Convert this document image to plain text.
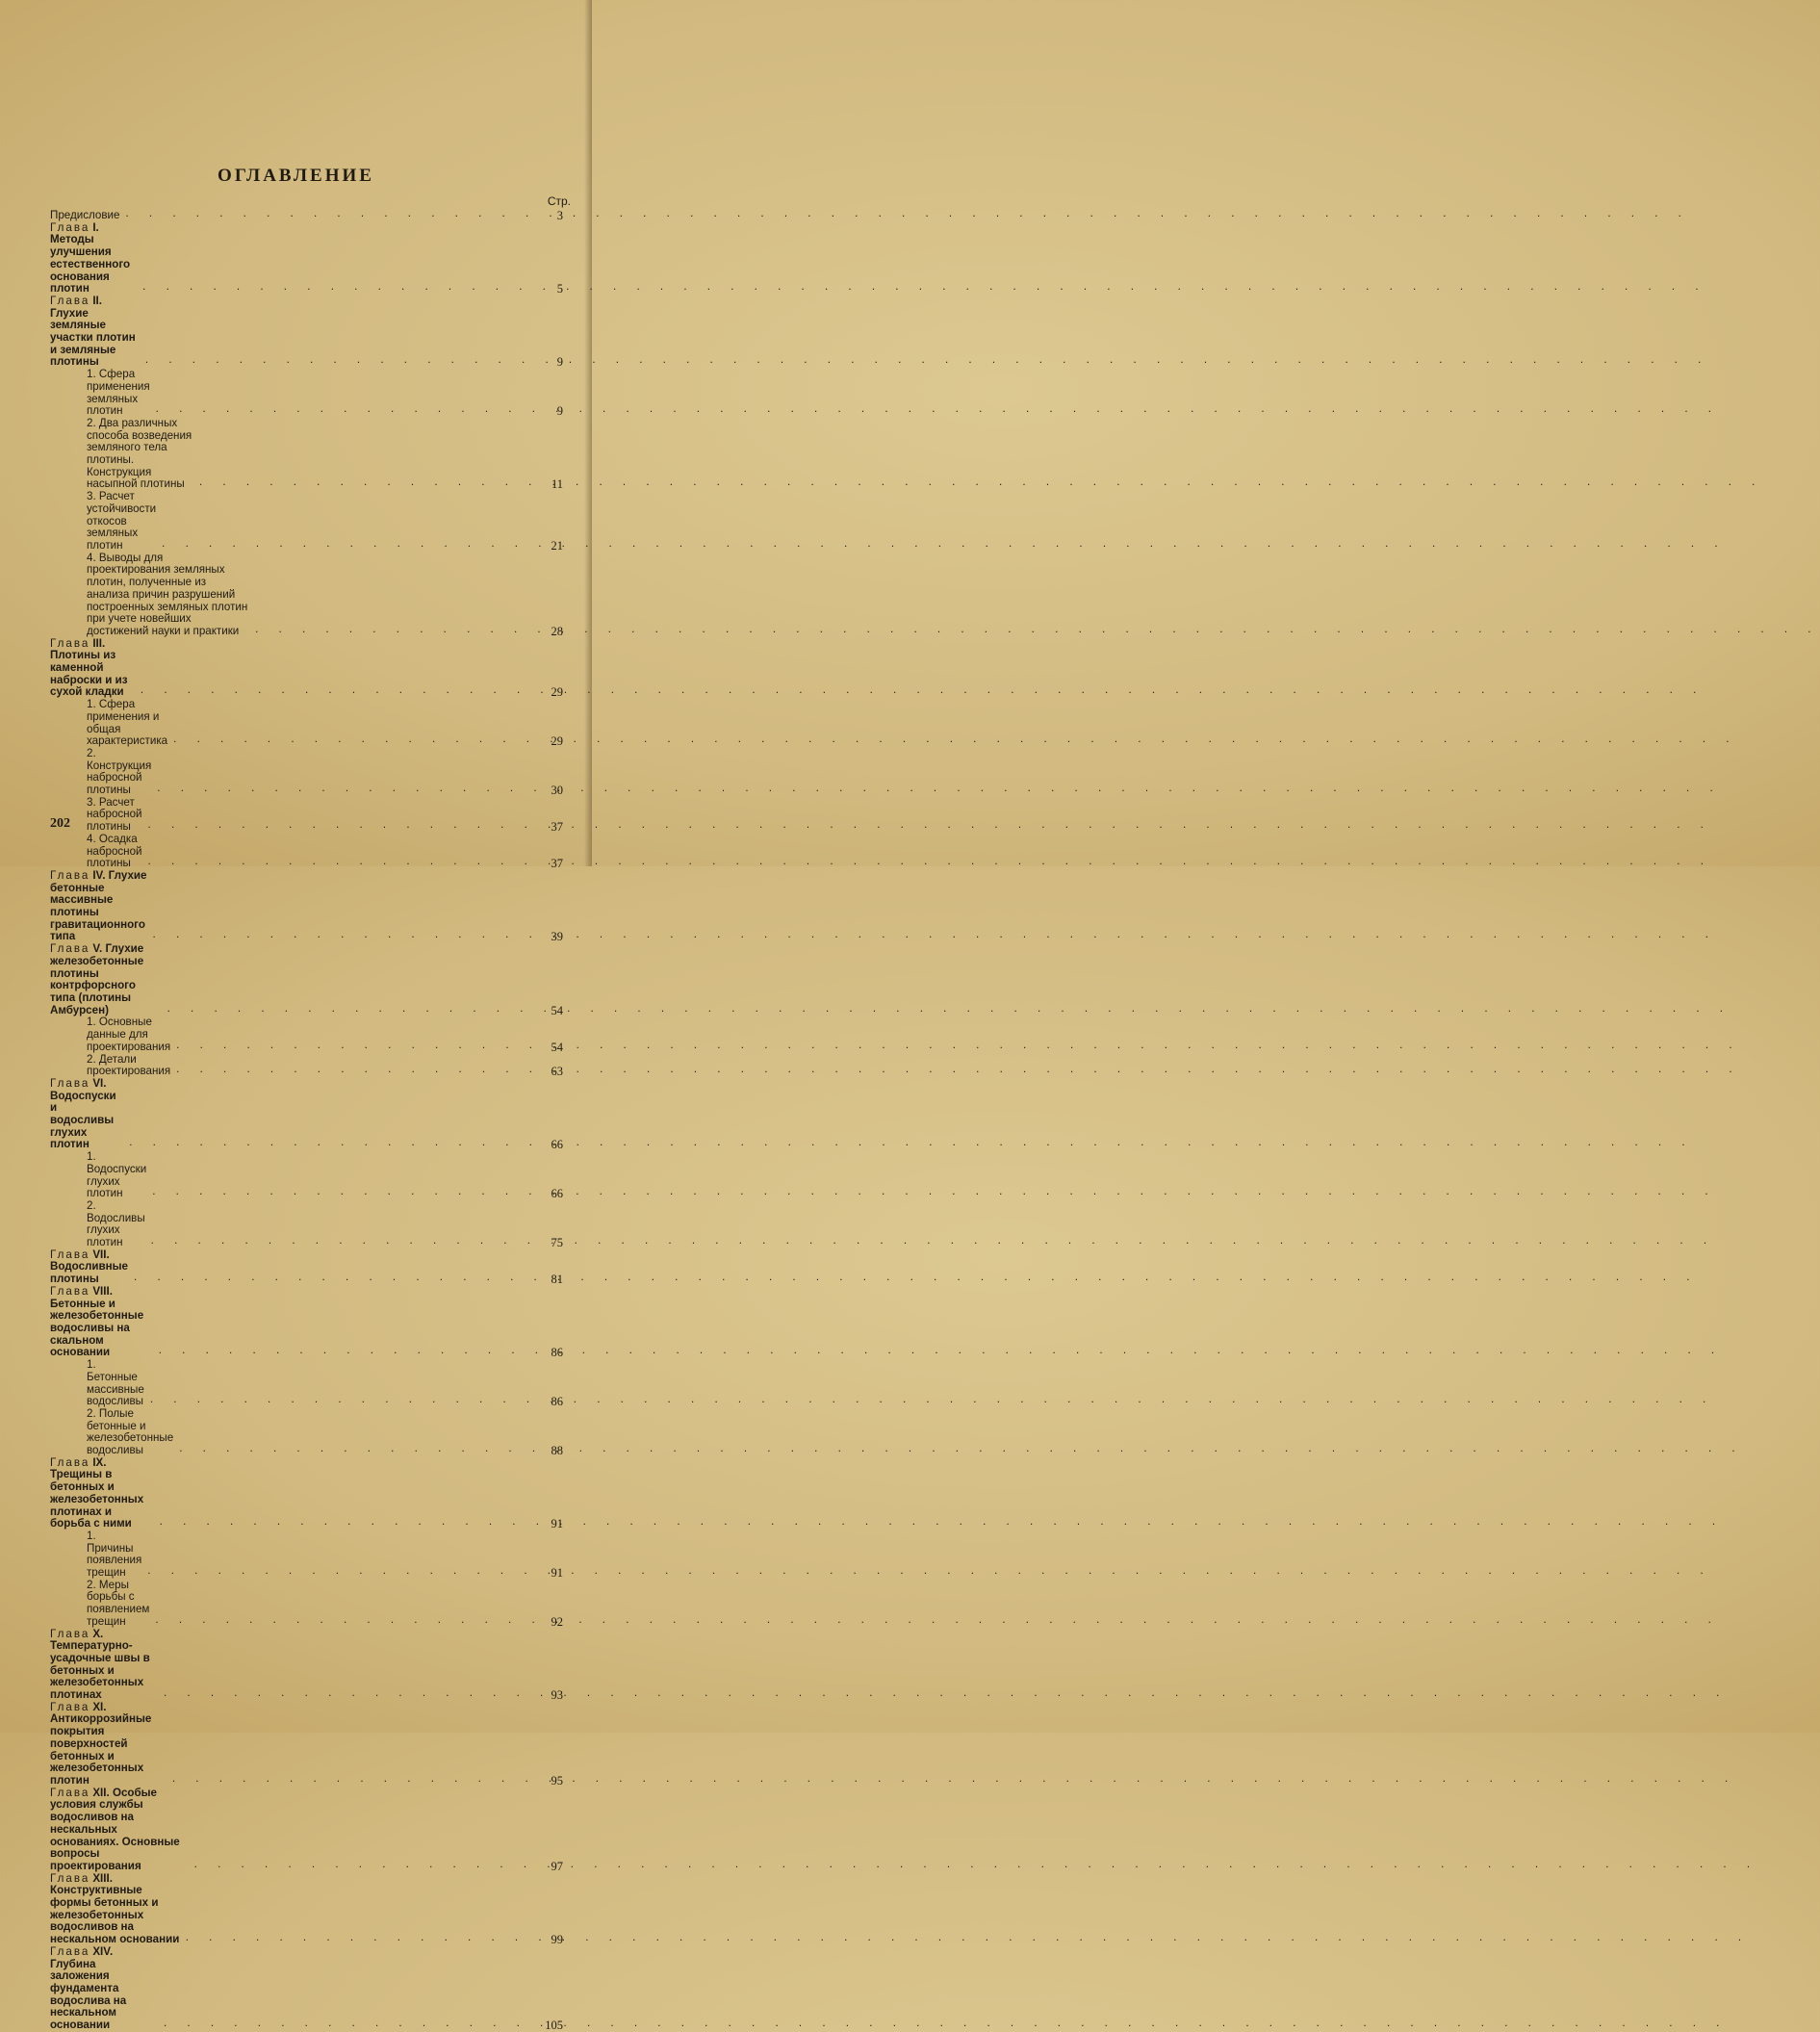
ОГЛАВЛЕНИЕ
Стр.
Предисловие . . .	3
Глава I. Методы улучшения естественного основания плотин . . .	5
Глава II. Глухие земляные участки плотин и земляные плотины . . .	9
1. Сфера применения земляных плотин . . .	9
2. Два различных способа возведения земляного тела плотины. Конструкция насыпной плотины . . .	11
3. Расчет устойчивости откосов земляных плотин . . .	21
4. Выводы для проектирования земляных плотин, полученные из анализа причин разрушений построенных земляных плотин при учете новейших достижений науки и практики . . .	28
Глава III. Плотины из каменной наброски и из сухой кладки . . .	29
1. Сфера применения и общая характеристика . . .	29
2. Конструкция набросной плотины . . .	30
3. Расчет набросной плотины . . .	37
4. Осадка набросной плотины . . .	37
Глава IV. Глухие бетонные массивные плотины гравитационного типа . . .	39
Глава V. Глухие железобетонные плотины контрфорсного типа (плотины Амбурсен) . . .	54
1. Основные данные для проектирования . . .	54
2. Детали проектирования . . .	63
Глава VI. Водоспуски и водосливы глухих плотин . . .	66
1. Водоспуски глухих плотин . . .	66
2. Водосливы глухих плотин . . .	75
Глава VII. Водосливные плотины . . .	81
Глава VIII. Бетонные и железобетонные водосливы на скальном основании . . .	86
1. Бетонные массивные водосливы . . .	86
2. Полые бетонные и железобетонные водосливы . . .	88
Глава IX. Трещины в бетонных и железобетонных плотинах и борьба с ними . . .	91
1. Причины появления трещин . . .	91
2. Меры борьбы с появлением трещин . . .	92
Глава X. Температурно-усадочные швы в бетонных и железобетонных плотинах . . .	93
Глава XI. Антикоррозийные покрытия поверхностей бетонных и железобетонных плотин . . .	95
Глава XII. Особые условия службы водосливов на нескальных основаниях. Основные вопросы проектирования . . .	97
Глава XIII. Конструктивные формы бетонных и железобетонных водосливов на нескальном основании . . .	99
Глава XIV. Глубина заложения фундамента водослива на нескальном основании . . .	105
202
